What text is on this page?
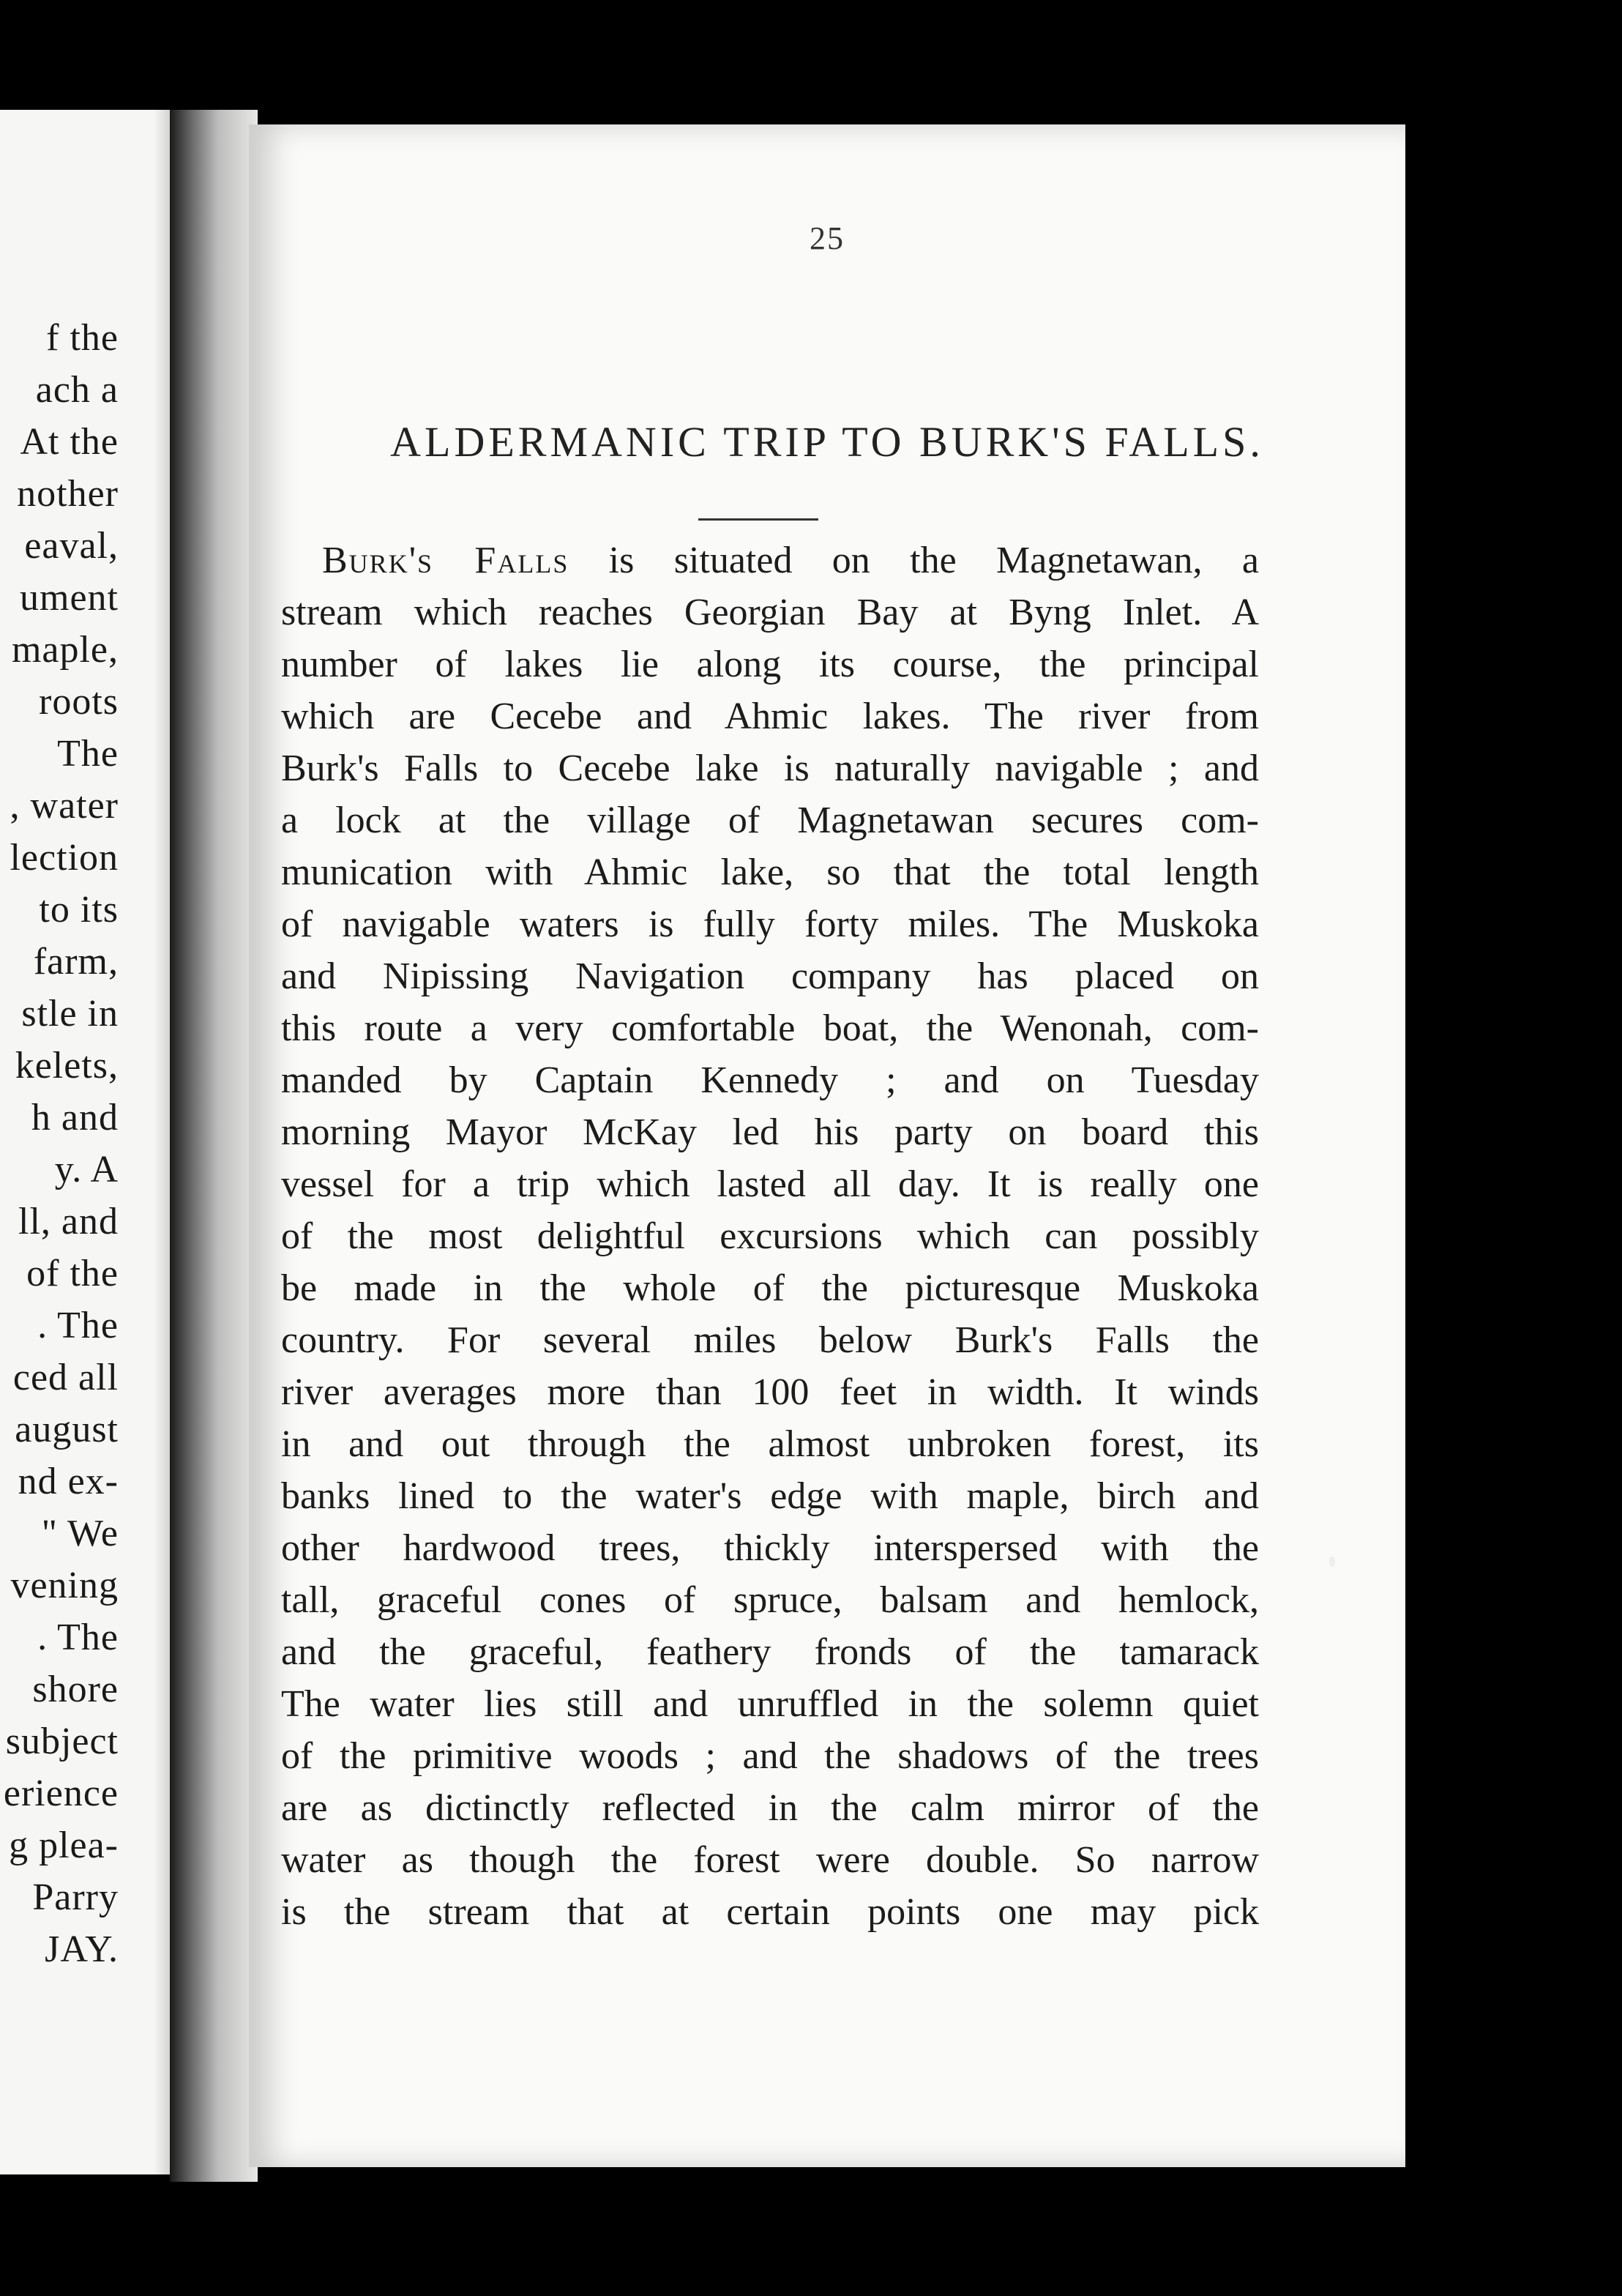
f the
ach a
At the
nother
eaval,
ument
maple,
roots
The
, water
lection
to its
farm,
stle in
kelets,
h and
y. A
ll, and
of the
. The
ced all
august
nd ex-
" We
vening
. The
shore
subject
erience
g plea-
Parry
JAY.
25
ALDERMANIC TRIP TO BURK'S FALLS.
Burk's Falls is situated on the Magnetawan, a
stream which reaches Georgian Bay at Byng Inlet. A
number of lakes lie along its course, the principal
which are Cecebe and Ahmic lakes. The river from
Burk's Falls to Cecebe lake is naturally navigable ; and
a lock at the village of Magnetawan secures com-
munication with Ahmic lake, so that the total length
of navigable waters is fully forty miles. The Muskoka
and Nipissing Navigation company has placed on
this route a very comfortable boat, the Wenonah, com-
manded by Captain Kennedy ; and on Tuesday
morning Mayor McKay led his party on board this
vessel for a trip which lasted all day. It is really one
of the most delightful excursions which can possibly
be made in the whole of the picturesque Muskoka
country. For several miles below Burk's Falls the
river averages more than 100 feet in width. It winds
in and out through the almost unbroken forest, its
banks lined to the water's edge with maple, birch and
other hardwood trees, thickly interspersed with the
tall, graceful cones of spruce, balsam and hemlock,
and the graceful, feathery fronds of the tamarack
The water lies still and unruffled in the solemn quiet
of the primitive woods ; and the shadows of the trees
are as dictinctly reflected in the calm mirror of the
water as though the forest were double. So narrow
is the stream that at certain points one may pick
